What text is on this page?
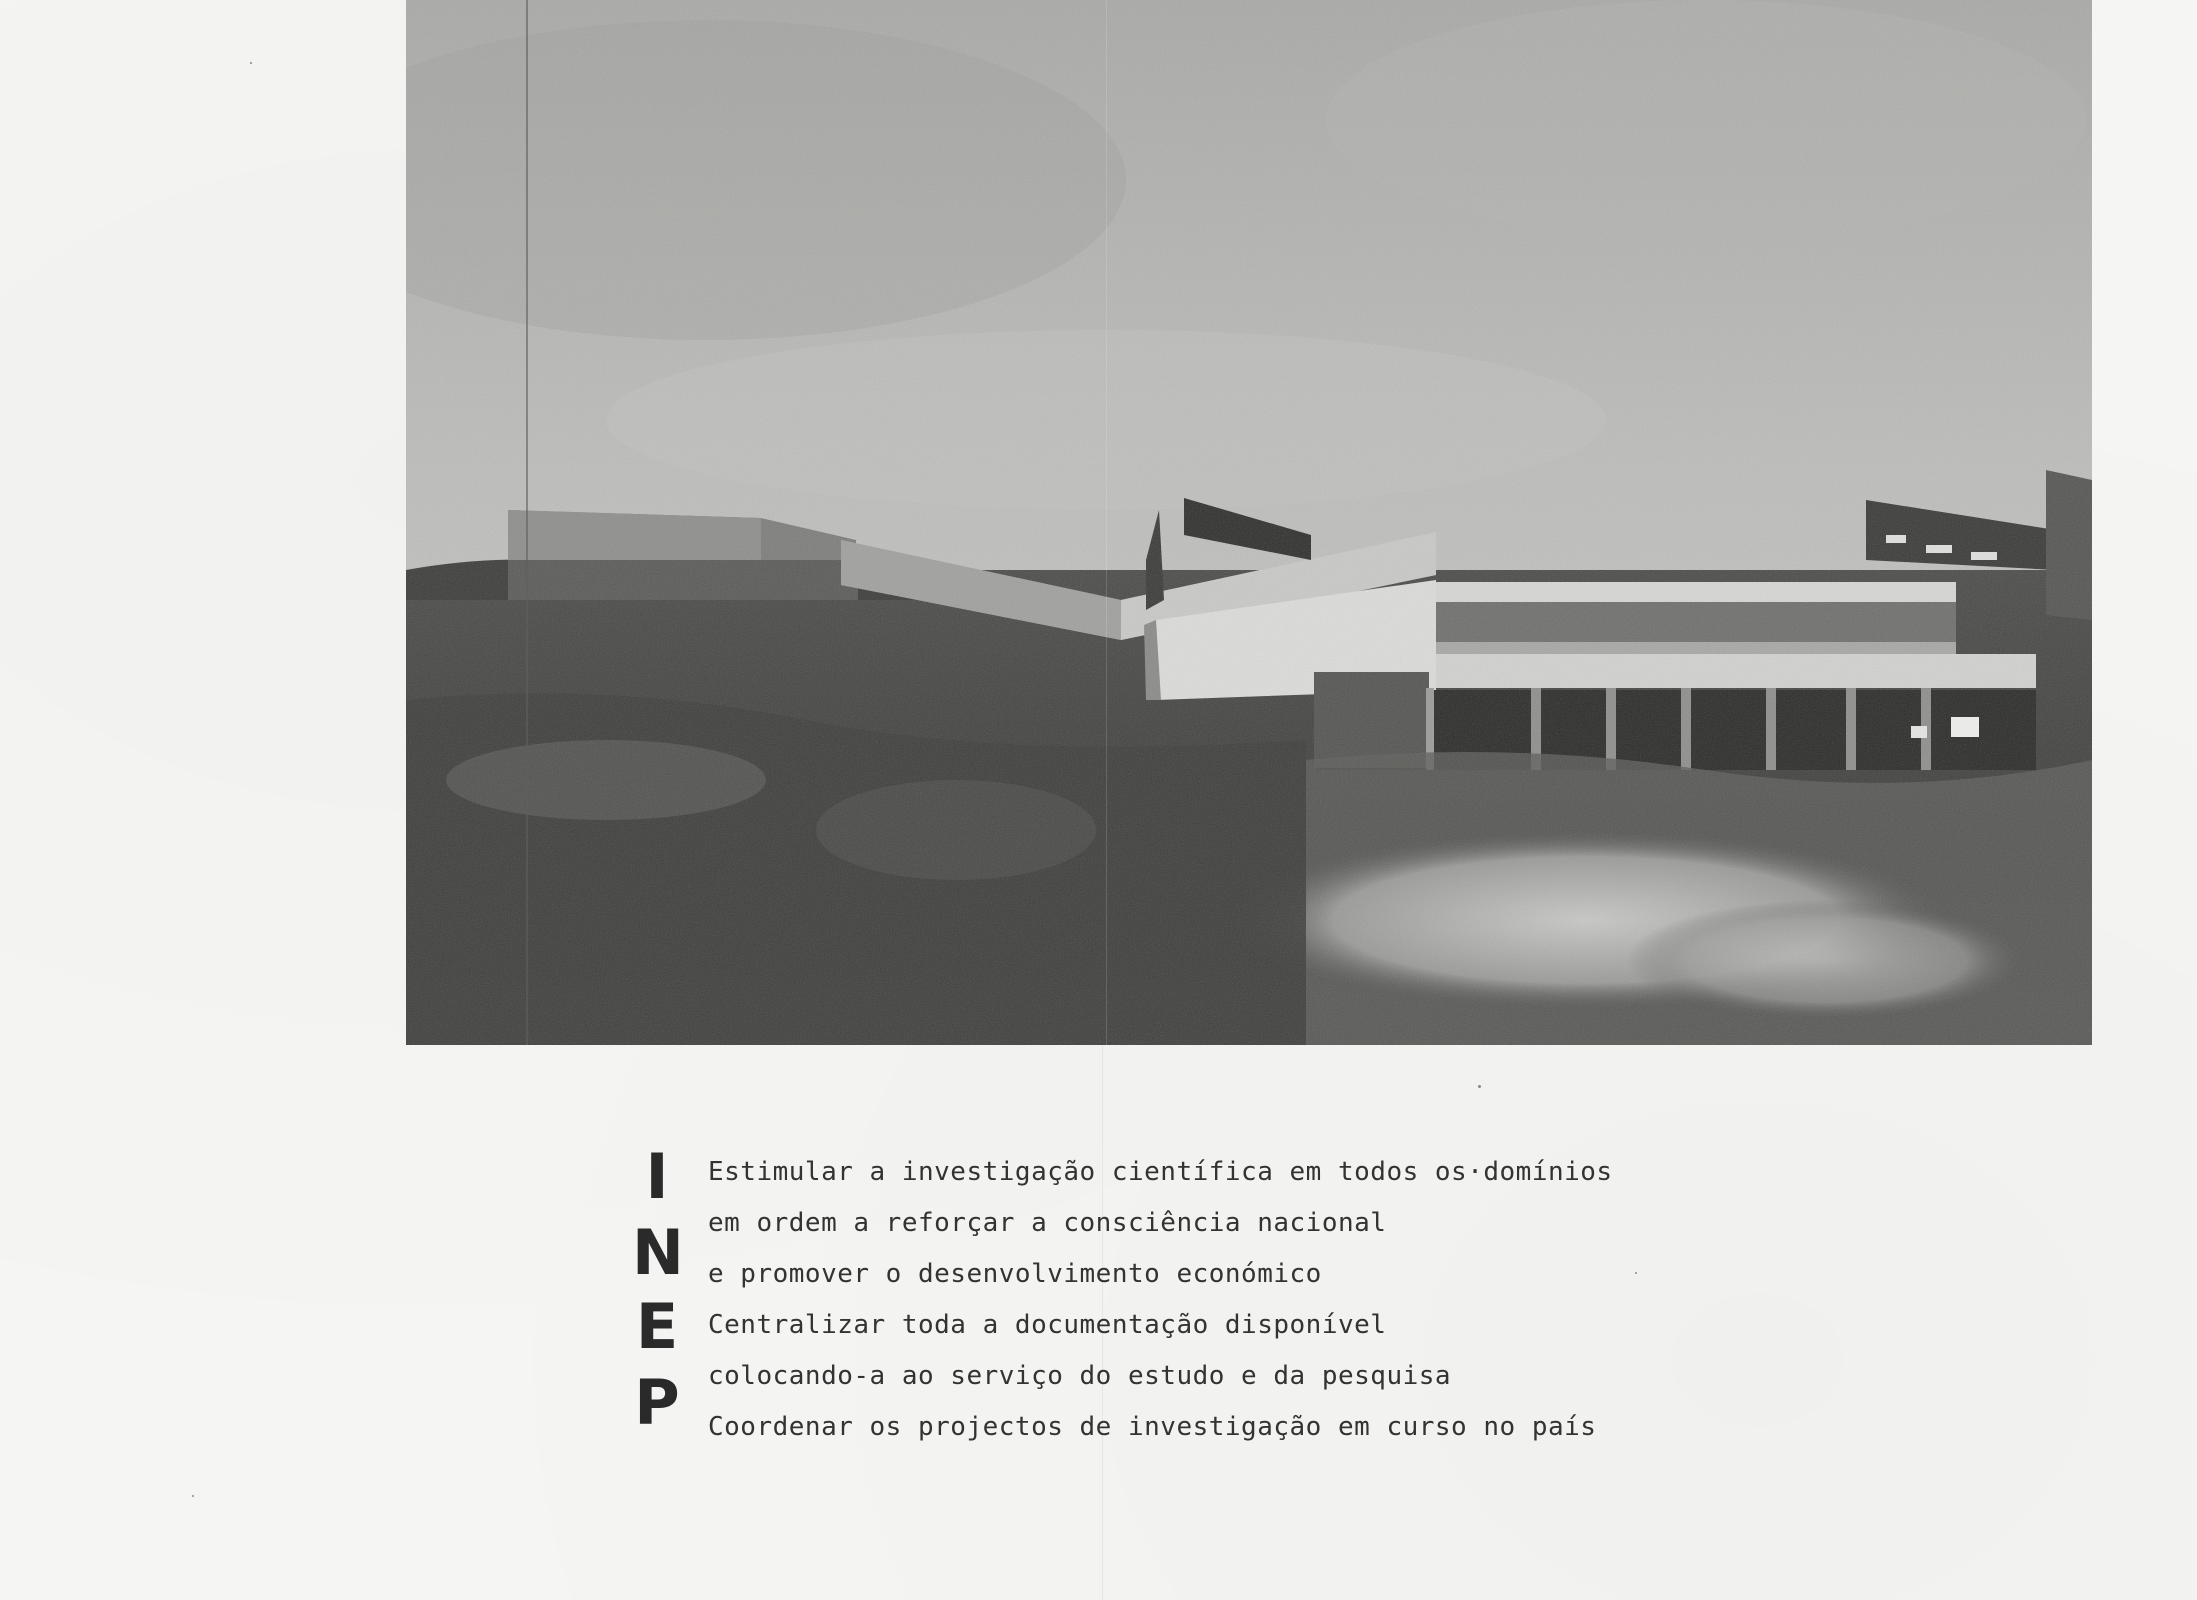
I
N
E
P
Estimular a investigação científica em todos os·domínios
em ordem a reforçar a consciência nacional
e promover o desenvolvimento económico
Centralizar toda a documentação disponível
colocando-a ao serviço do estudo e da pesquisa
Coordenar os projectos de investigação em curso no país
